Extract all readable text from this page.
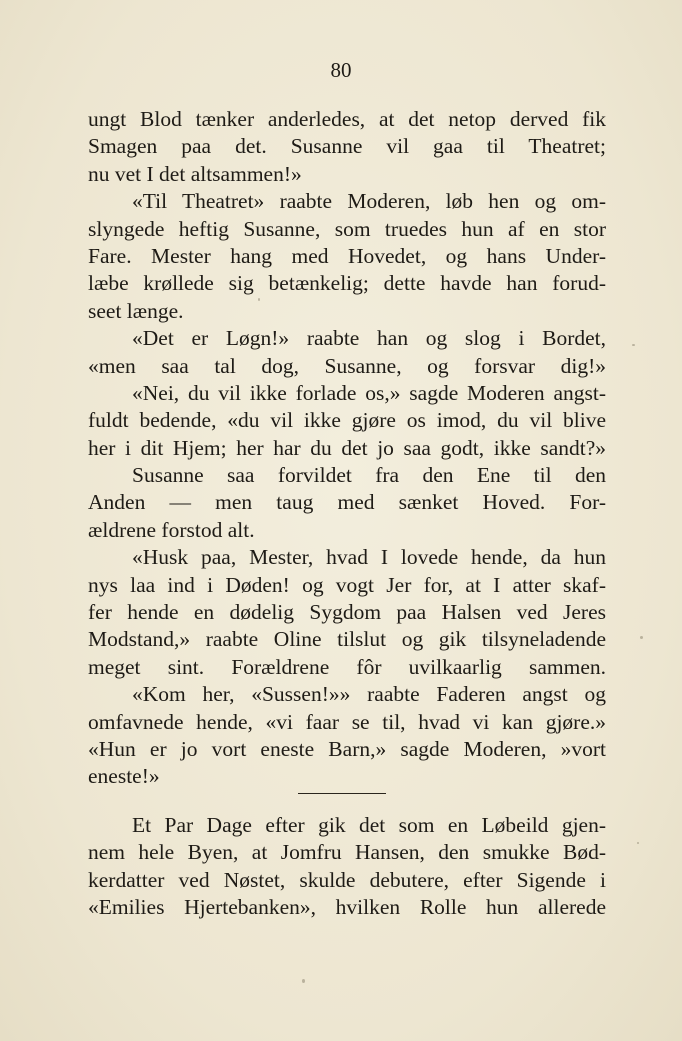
80
ungt Blod tænker anderledes, at det netop derved fik
Smagen paa det. Susanne vil gaa til Theatret;
nu vet I det altsammen!»
«Til Theatret» raabte Moderen, løb hen og om-
slyngede heftig Susanne, som truedes hun af en stor
Fare. Mester hang med Hovedet, og hans Under-
læbe krøllede sig betænkelig; dette havde han forud-
seet længe.
«Det er Løgn!» raabte han og slog i Bordet,
«men saa tal dog, Susanne, og forsvar dig!»
«Nei, du vil ikke forlade os,» sagde Moderen angst-
fuldt bedende, «du vil ikke gjøre os imod, du vil blive
her i dit Hjem; her har du det jo saa godt, ikke sandt?»
Susanne saa forvildet fra den Ene til den
Anden — men taug med sænket Hoved. For-
ældrene forstod alt.
«Husk paa, Mester, hvad I lovede hende, da hun
nys laa ind i Døden! og vogt Jer for, at I atter skaf-
fer hende en dødelig Sygdom paa Halsen ved Jeres
Modstand,» raabte Oline tilslut og gik tilsyneladende
meget sint. Forældrene fôr uvilkaarlig sammen.
«Kom her, «Sussen!»» raabte Faderen angst og
omfavnede hende, «vi faar se til, hvad vi kan gjøre.»
«Hun er jo vort eneste Barn,» sagde Moderen, »vort
eneste!»
Et Par Dage efter gik det som en Løbeild gjen-
nem hele Byen, at Jomfru Hansen, den smukke Bød-
kerdatter ved Nøstet, skulde debutere, efter Sigende i
«Emilies Hjertebanken», hvilken Rolle hun allerede
